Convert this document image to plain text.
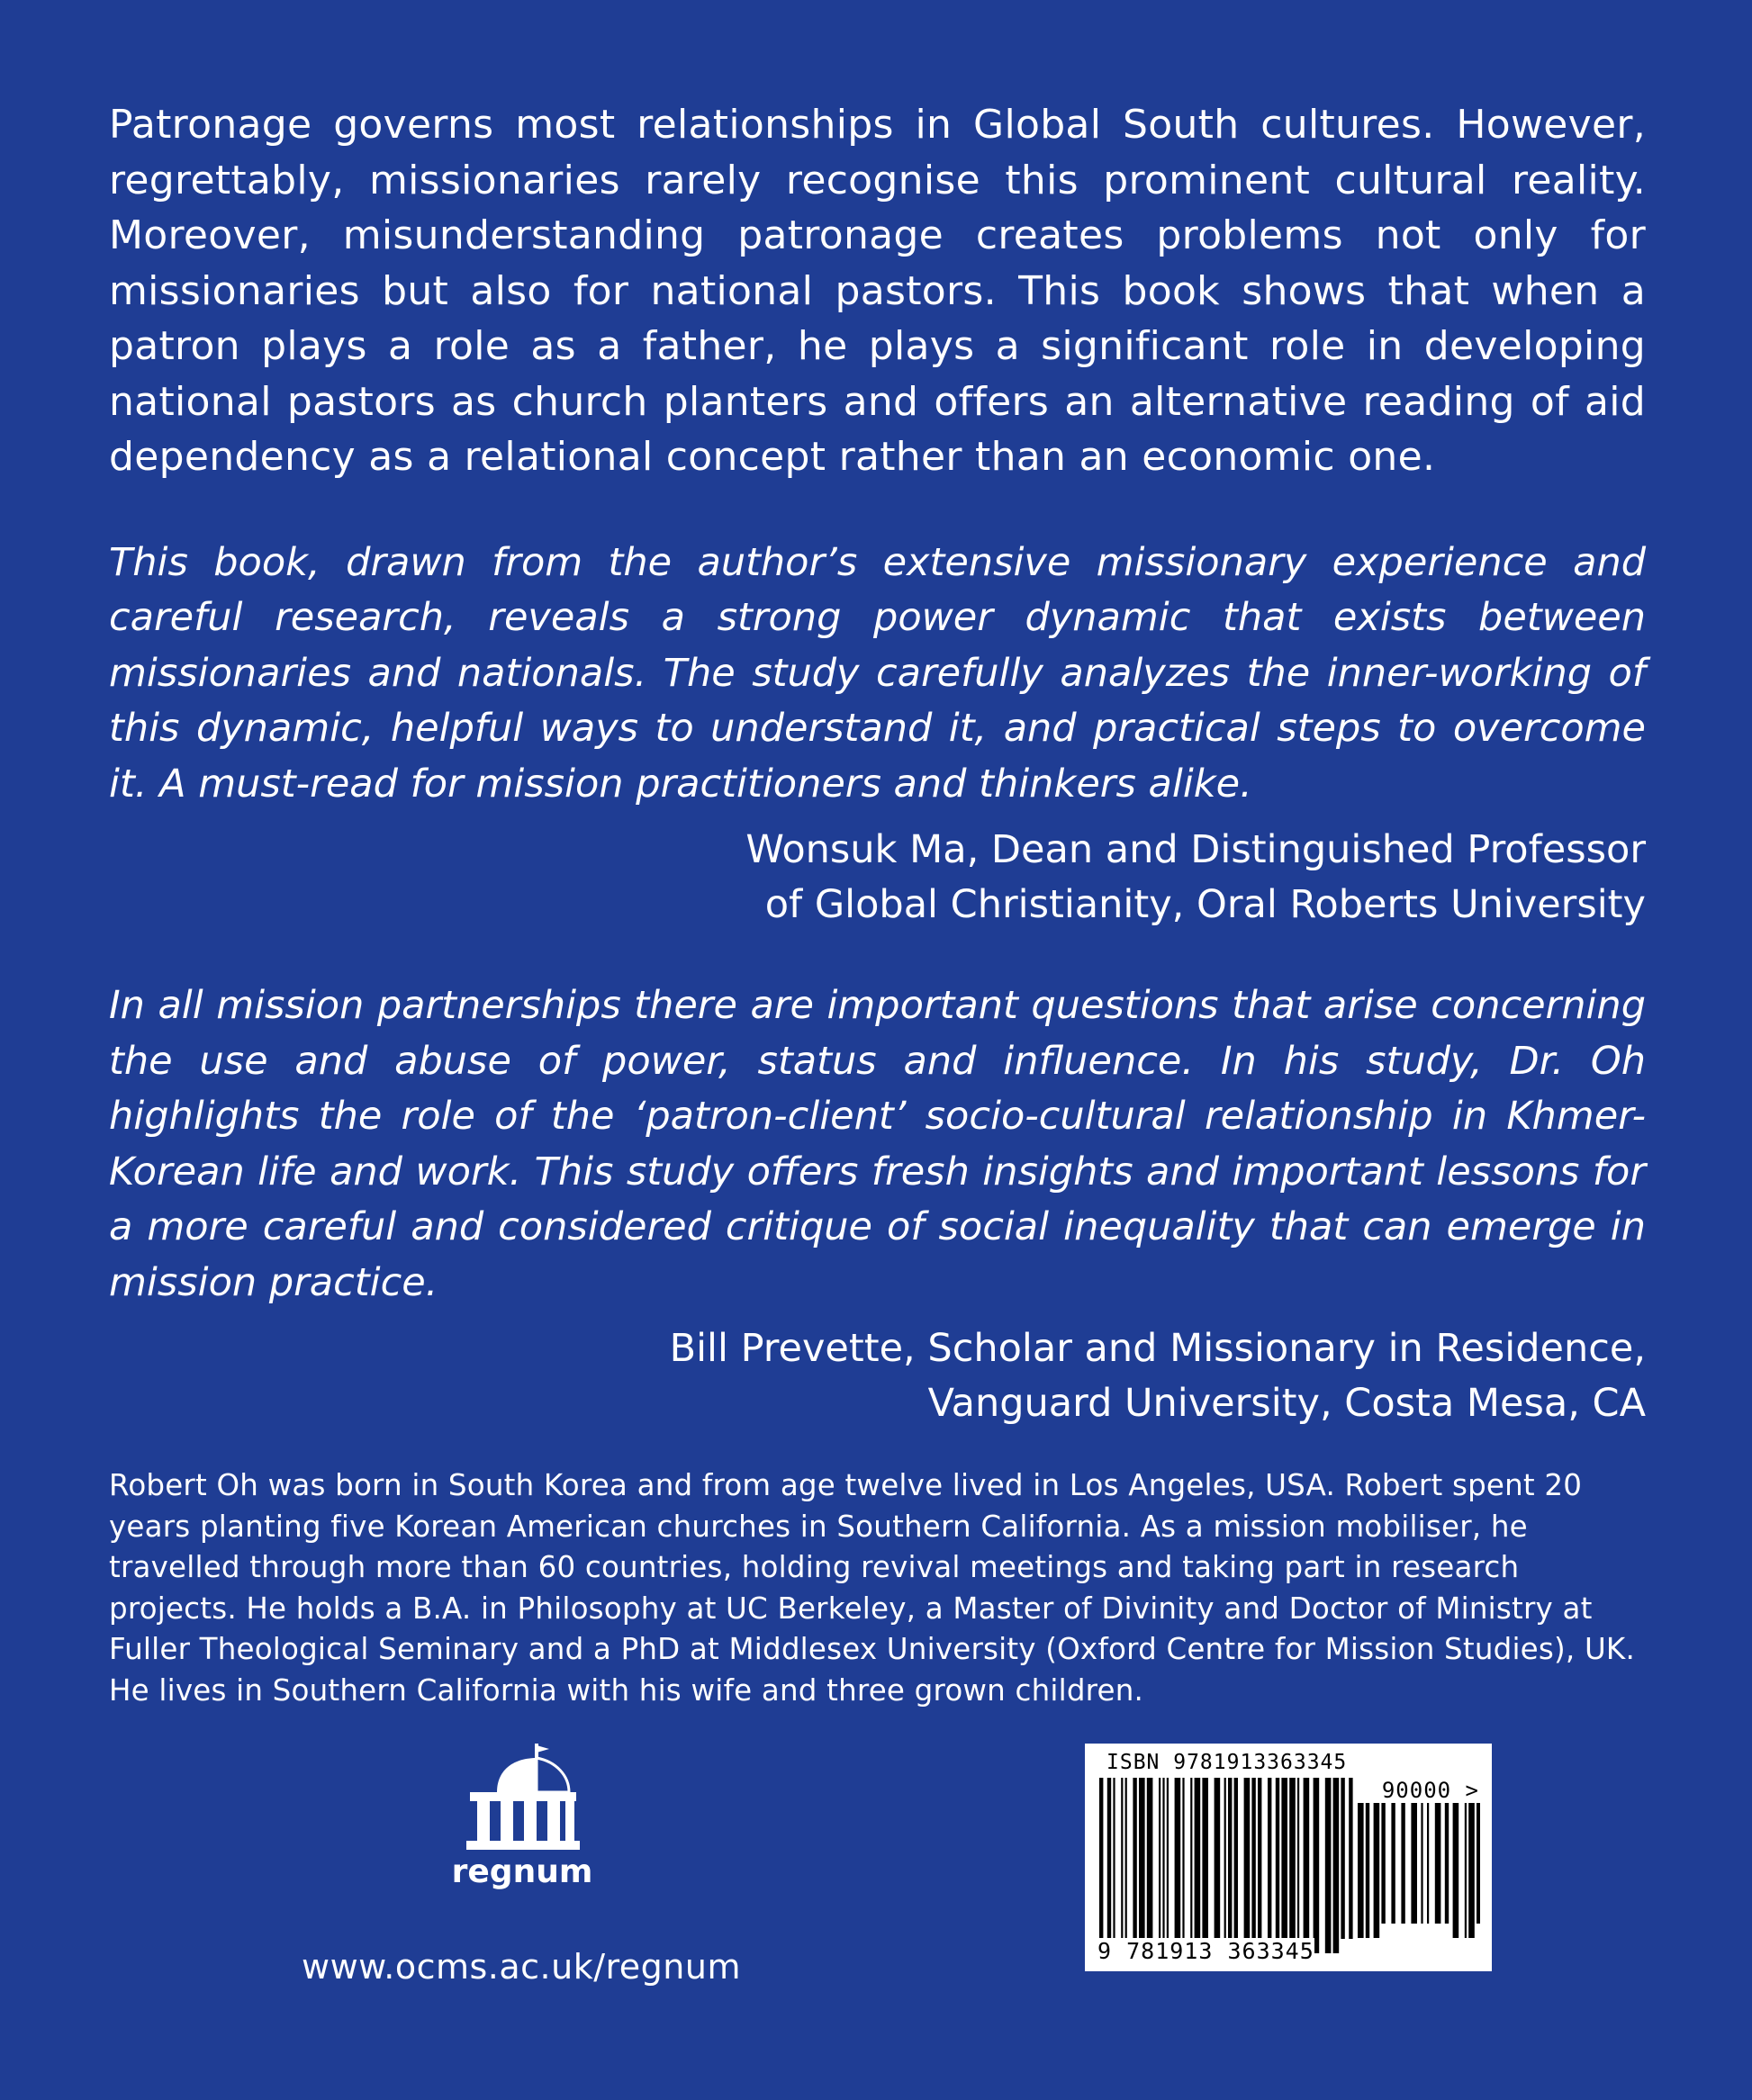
Patronage governs most relationships in Global South cultures. However, regrettably, missionaries rarely recognise this prominent cultural reality. Moreover, misunderstanding patronage creates problems not only for missionaries but also for national pastors. This book shows that when a patron plays a role as a father, he plays a significant role in developing national pastors as church planters and offers an alternative reading of aid dependency as a relational concept rather than an economic one.

This book, drawn from the author’s extensive missionary experience and careful research, reveals a strong power dynamic that exists between missionaries and nationals. The study carefully analyzes the inner-working of this dynamic, helpful ways to understand it, and practical steps to overcome it. A must-read for mission practitioners and thinkers alike.

Wonsuk Ma, Dean and Distinguished Professor
of Global Christianity, Oral Roberts University

In all mission partnerships there are important questions that arise concerning the use and abuse of power, status and influence. In his study, Dr. Oh highlights the role of the ‘patron-client’ socio-cultural relationship in Khmer-Korean life and work. This study offers fresh insights and important lessons for a more careful and considered critique of social inequality that can emerge in mission practice.

Bill Prevette, Scholar and Missionary in Residence,
Vanguard University, Costa Mesa, CA

Robert Oh was born in South Korea and from age twelve lived in Los Angeles, USA. Robert spent 20 years planting five Korean American churches in Southern California. As a mission mobiliser, he travelled through more than 60 countries, holding revival meetings and taking part in research projects. He holds a B.A. in Philosophy at UC Berkeley, a Master of Divinity and Doctor of Ministry at Fuller Theological Seminary and a PhD at Middlesex University (Oxford Centre for Mission Studies), UK. He lives in Southern California with his wife and three grown children.

regnum
www.ocms.ac.uk/regnum
ISBN 9781913363345
90000 >
9 781913 363345
